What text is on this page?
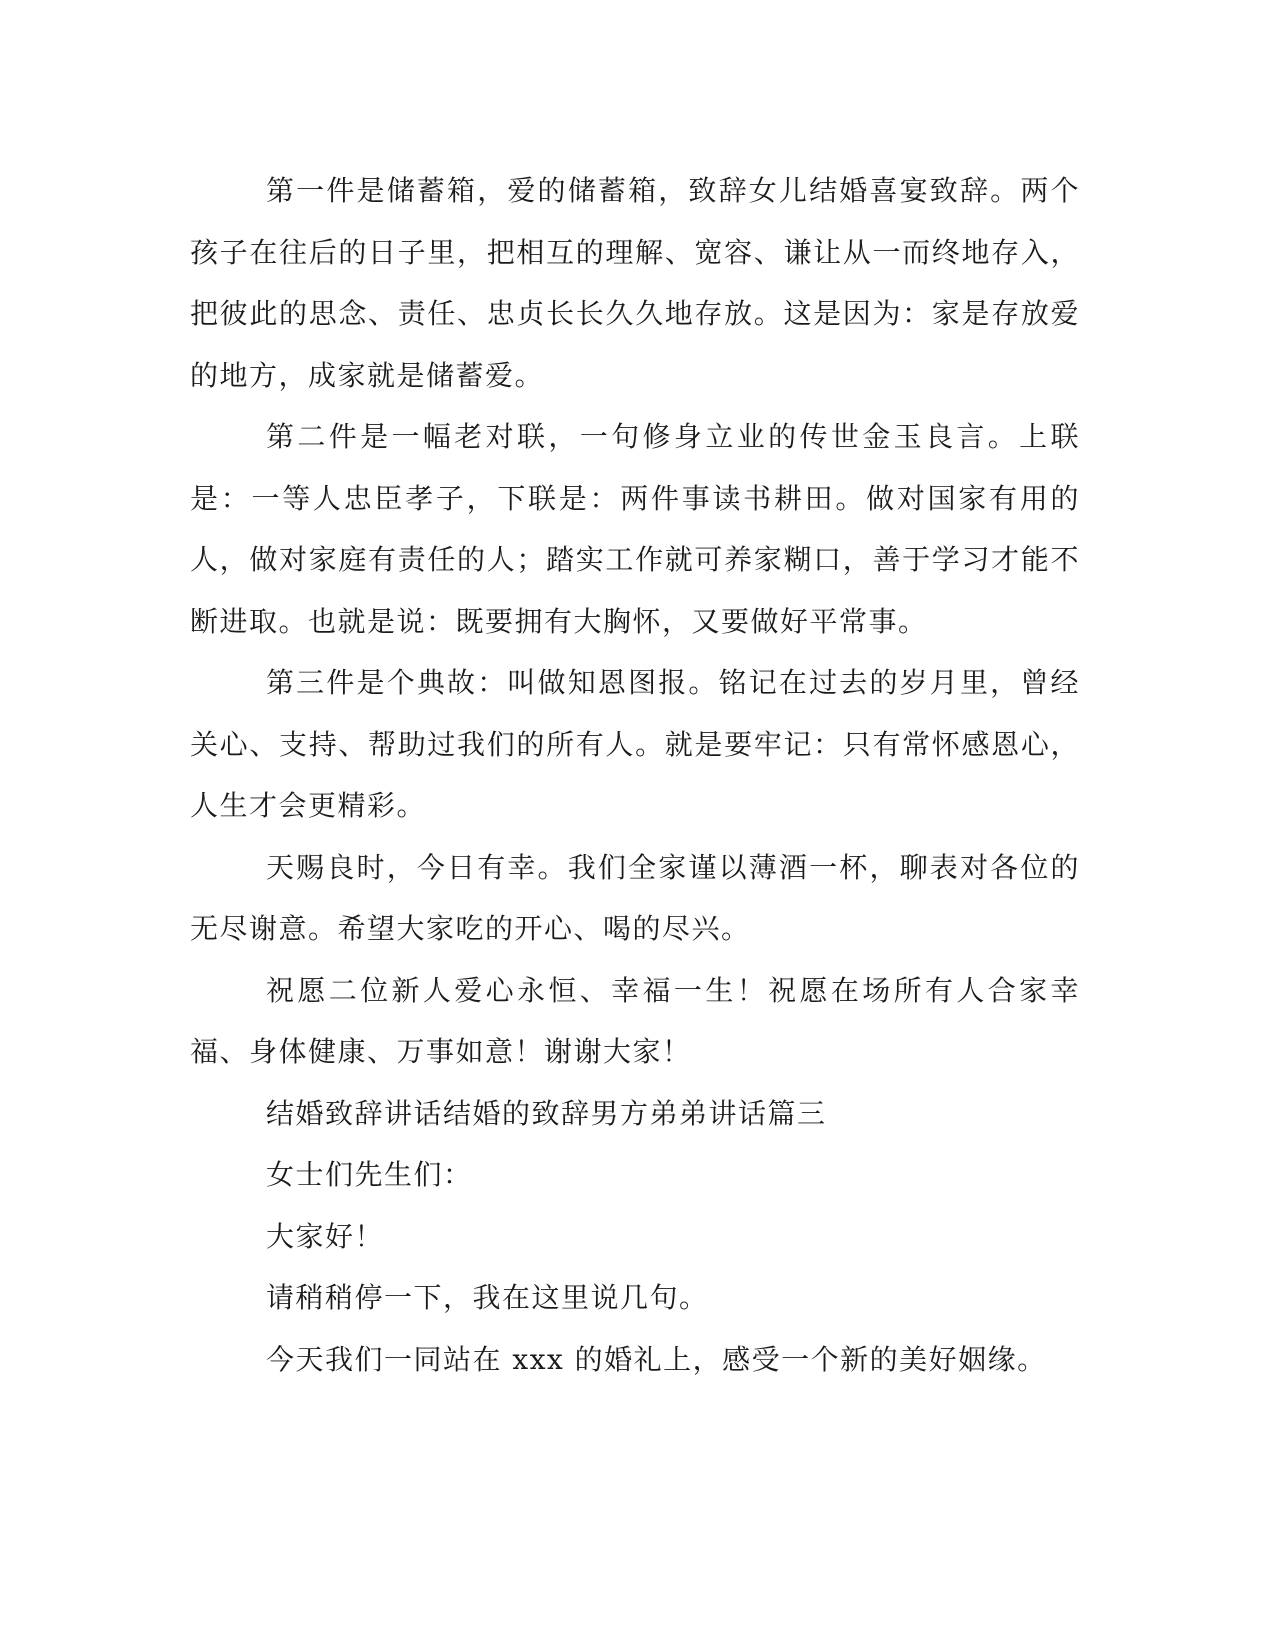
第一件是储蓄箱，爱的储蓄箱，致辞女儿结婚喜宴致辞。两个孩子在往后的日子里，把相互的理解、宽容、谦让从一而终地存入，把彼此的思念、责任、忠贞长长久久地存放。这是因为：家是存放爱的地方，成家就是储蓄爱。

第二件是一幅老对联，一句修身立业的传世金玉良言。上联是：一等人忠臣孝子，下联是：两件事读书耕田。做对国家有用的人，做对家庭有责任的人；踏实工作就可养家糊口，善于学习才能不断进取。也就是说：既要拥有大胸怀，又要做好平常事。

第三件是个典故：叫做知恩图报。铭记在过去的岁月里，曾经关心、支持、帮助过我们的所有人。就是要牢记：只有常怀感恩心，人生才会更精彩。

天赐良时，今日有幸。我们全家谨以薄酒一杯，聊表对各位的无尽谢意。希望大家吃的开心、喝的尽兴。

祝愿二位新人爱心永恒、幸福一生！祝愿在场所有人合家幸福、身体健康、万事如意！谢谢大家！

结婚致辞讲话结婚的致辞男方弟弟讲话篇三

女士们先生们：

大家好！

请稍稍停一下，我在这里说几句。

今天我们一同站在 xxx 的婚礼上，感受一个新的美好姻缘。
